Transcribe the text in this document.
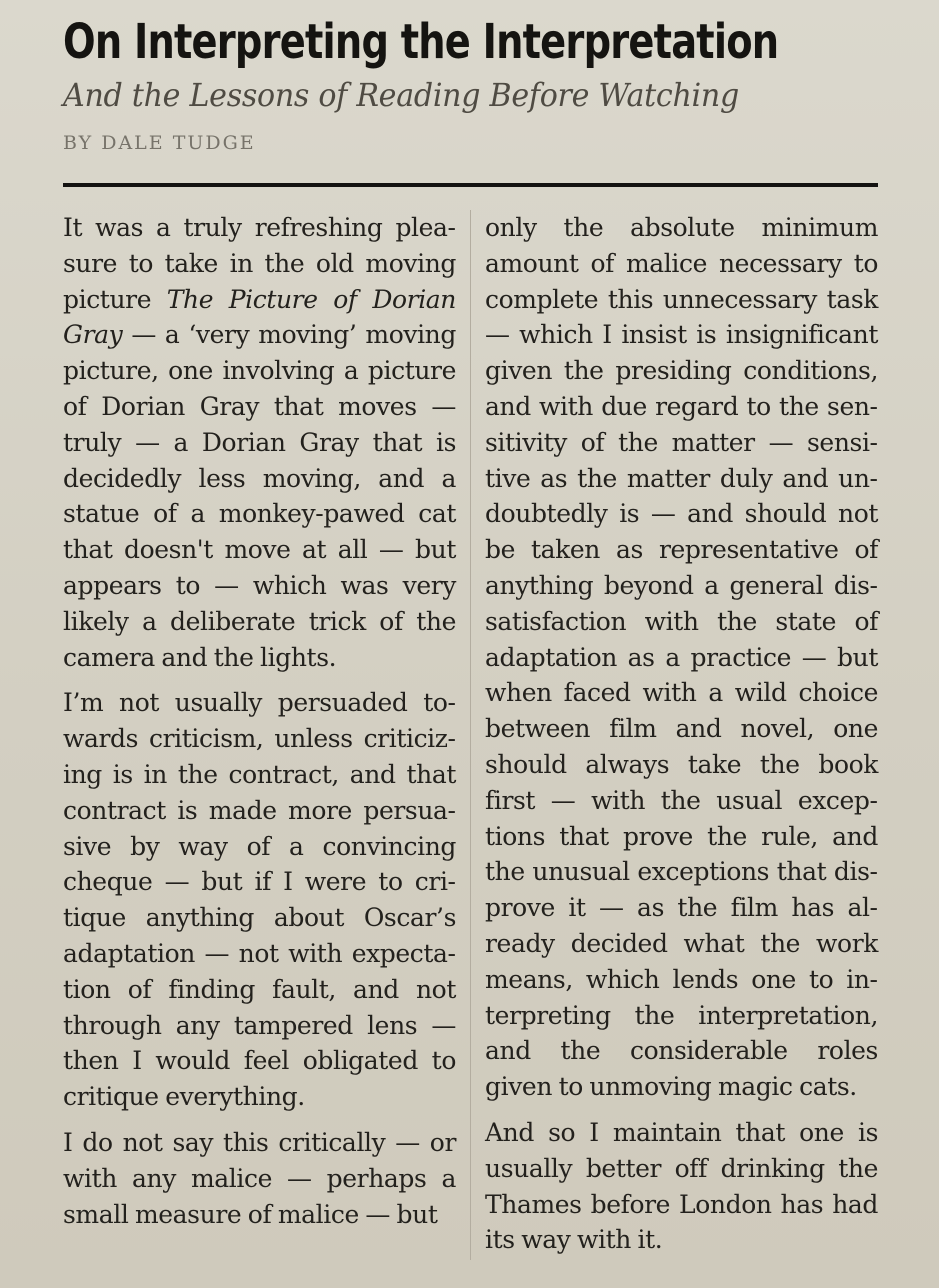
On Interpreting the Interpretation
And the Lessons of Reading Before Watching
BY DALE TUDGE

It was a truly refreshing pleasure to take in the old moving picture The Picture of Dorian Gray — a ‘very moving’ moving picture, one involving a picture of Dorian Gray that moves — truly — a Dorian Gray that is decidedly less moving, and a statue of a monkey-pawed cat that doesn't move at all — but appears to — which was very likely a deliberate trick of the camera and the lights.

I’m not usually persuaded towards criticism, unless criticizing is in the contract, and that contract is made more persuasive by way of a convincing cheque — but if I were to critique anything about Oscar’s adaptation — not with expectation of finding fault, and not through any tampered lens — then I would feel obligated to critique everything.

I do not say this critically — or with any malice — perhaps a small measure of malice — but

only the absolute minimum amount of malice necessary to complete this unnecessary task — which I insist is insignificant given the presiding conditions, and with due regard to the sensitivity of the matter — sensitive as the matter duly and undoubtedly is — and should not be taken as representative of anything beyond a general dissatisfaction with the state of adaptation as a practice — but when faced with a wild choice between film and novel, one should always take the book first — with the usual exceptions that prove the rule, and the unusual exceptions that disprove it — as the film has already decided what the work means, which lends one to interpreting the interpretation, and the considerable roles given to unmoving magic cats.

And so I maintain that one is usually better off drinking the Thames before London has had its way with it.
